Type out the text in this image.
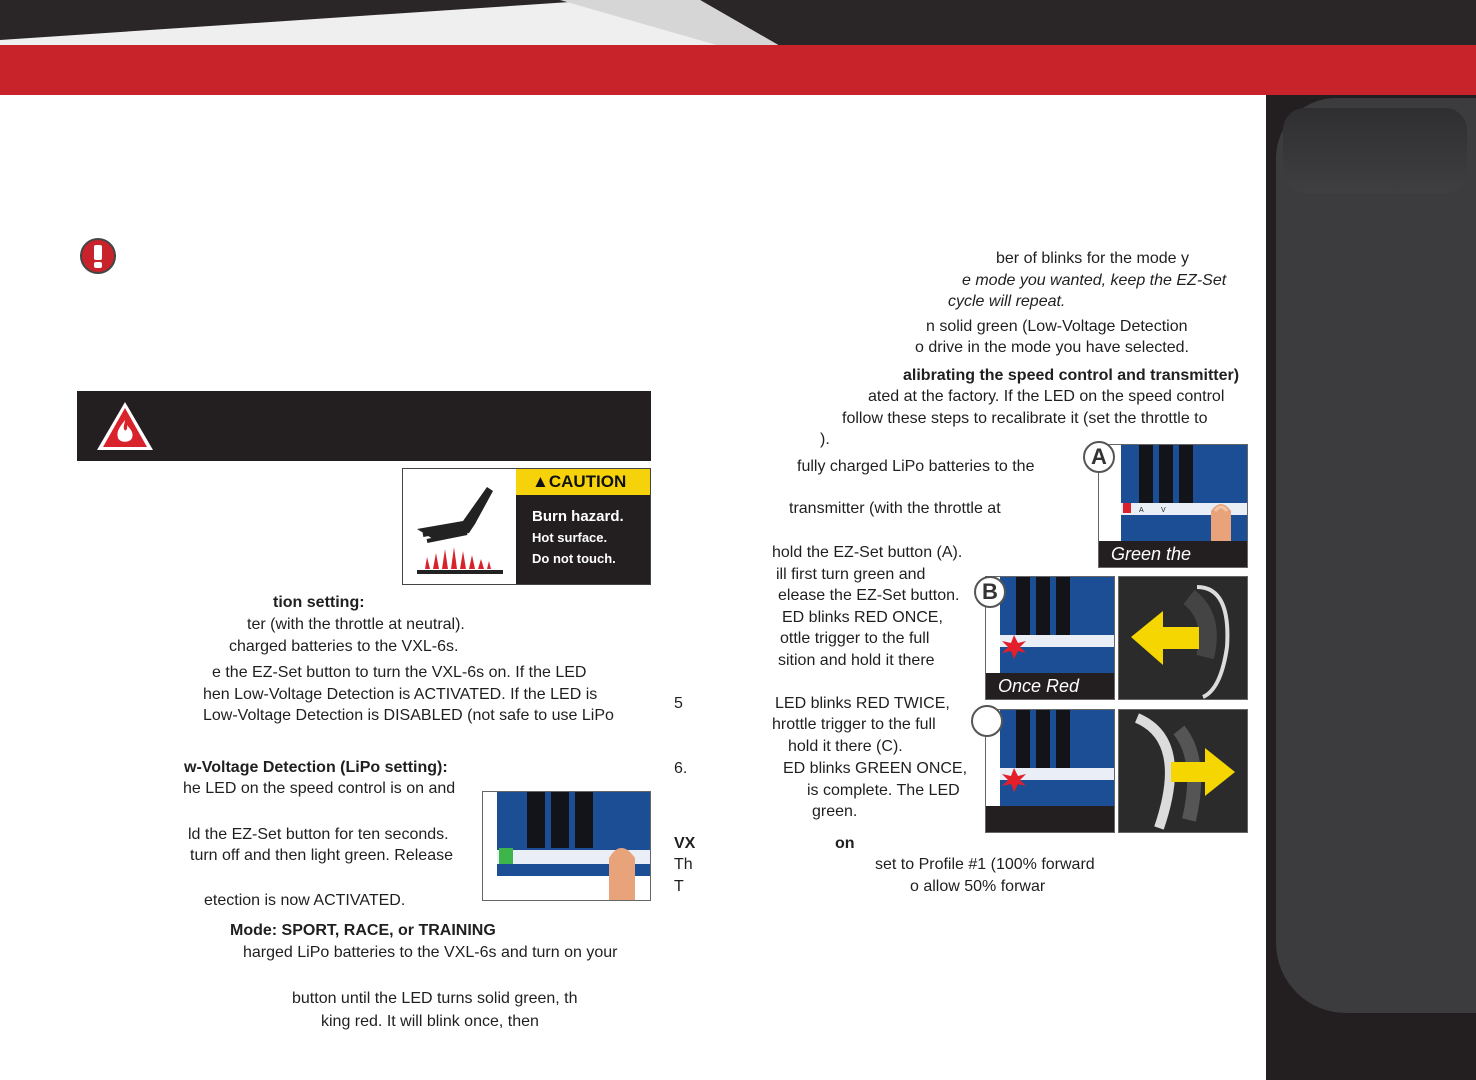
▲CAUTION
Burn hazard.
Hot surface.
Do not touch.
A V
Green the
A
Once Red
B
ber of blinks for the mode y
e mode you wanted, keep the EZ-Set
cycle will repeat.
n solid green (Low-Voltage Detection
o drive in the mode you have selected.
alibrating the speed control and transmitter)
ated at the factory. If the LED on the speed control
follow these steps to recalibrate it (set the throttle to
).
fully charged LiPo batteries to the
transmitter (with the throttle at
hold the EZ-Set button (A).
ill first turn green and
elease the EZ-Set button.
ED blinks RED ONCE,
ottle trigger to the full
sition and hold it there
LED blinks RED TWICE,
hrottle trigger to the full
hold it there (C).
ED blinks GREEN ONCE,
is complete. The LED
green.
on
set to Profile #1 (100% forward
o allow 50% forwar
5
6.
VX
Th
T
tion setting:
ter (with the throttle at neutral).
charged batteries to the VXL-6s.
e the EZ-Set button to turn the VXL-6s on. If the LED
hen Low-Voltage Detection is ACTIVATED. If the LED is
Low-Voltage Detection is DISABLED (not safe to use LiPo
w-Voltage Detection (LiPo setting):
he LED on the speed control is on and
ld the EZ-Set button for ten seconds.
turn off and then light green. Release
etection is now ACTIVATED.
Mode: SPORT, RACE, or TRAINING
harged LiPo batteries to the VXL-6s and turn on your
button until the LED turns solid green, th
king red. It will blink once, then
